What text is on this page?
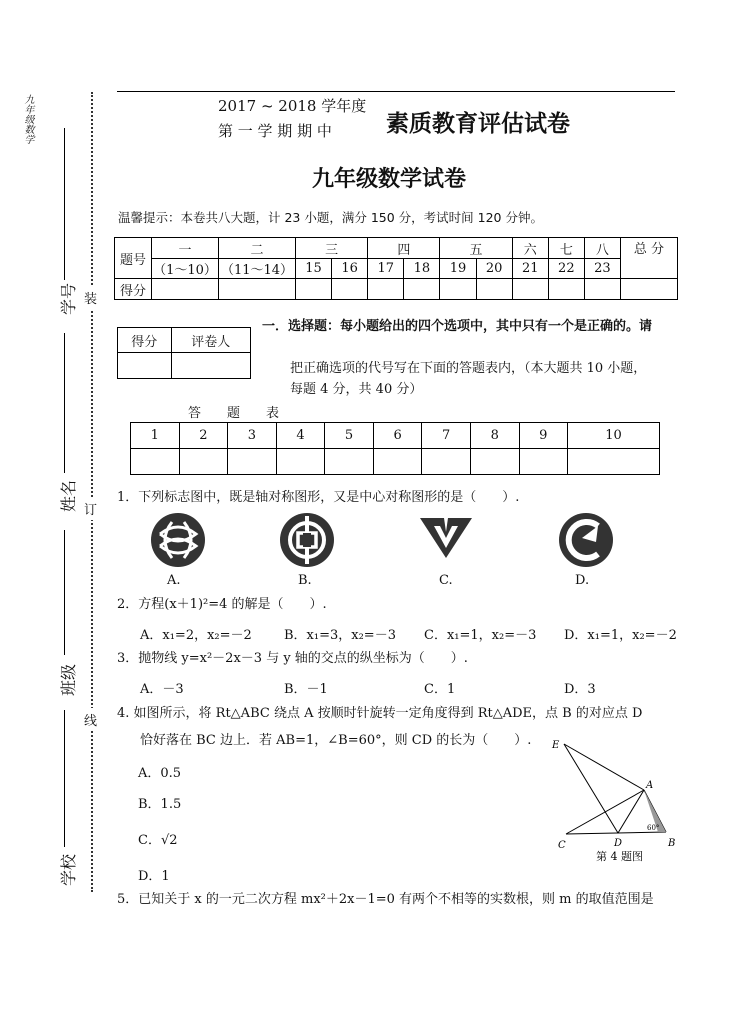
九年级数学
学号
姓名
班级
学校
装
订
线
2017 ~ 2018 学年度
第 一 学 期 期 中 素质教育评估试卷
九年级数学试卷
温馨提示：本卷共八大题，计 23 小题，满分 150 分，考试时间 120 分钟。
题号	一	二	三		四		五		六	七	八	总 分
	（1～10）	（11～14）	15	16	17	18	19	20	21	22	23	
得分												
得分	评卷人

一．选择题：每小题给出的四个选项中，其中只有一个是正确的。请
把正确选项的代号写在下面的答题表内，（本大题共 10 小题，
每题 4 分，共 40 分）
答　　题　　表
1	2	3	4	5	6	7	8	9	10

1．下列标志图中，既是轴对称图形，又是中心对称图形的是（　　）.
A.	B.	C.	D.
2．方程(x＋1)²=4 的解是（　　）.
A．x₁=2，x₂=－2 B．x₁=3，x₂=－3 C．x₁=1，x₂=－3 D．x₁=1，x₂=－2
3．抛物线 y=x²－2x－3 与 y 轴的交点的纵坐标为（　　）.
A．－3	B．－1	C．1	D．3
4. 如图所示，将 Rt△ABC 绕点 A 按顺时针旋转一定角度得到 Rt△ADE，点 B 的对应点 D
恰好落在 BC 边上．若 AB=1，∠B=60°，则 CD 的长为（　　）.
A．0.5
B．1.5
C．√2
D．1
E
A
C	D	B
60°
第 4 题图
5．已知关于 x 的一元二次方程 mx²＋2x－1=0 有两个不相等的实数根，则 m 的取值范围是
